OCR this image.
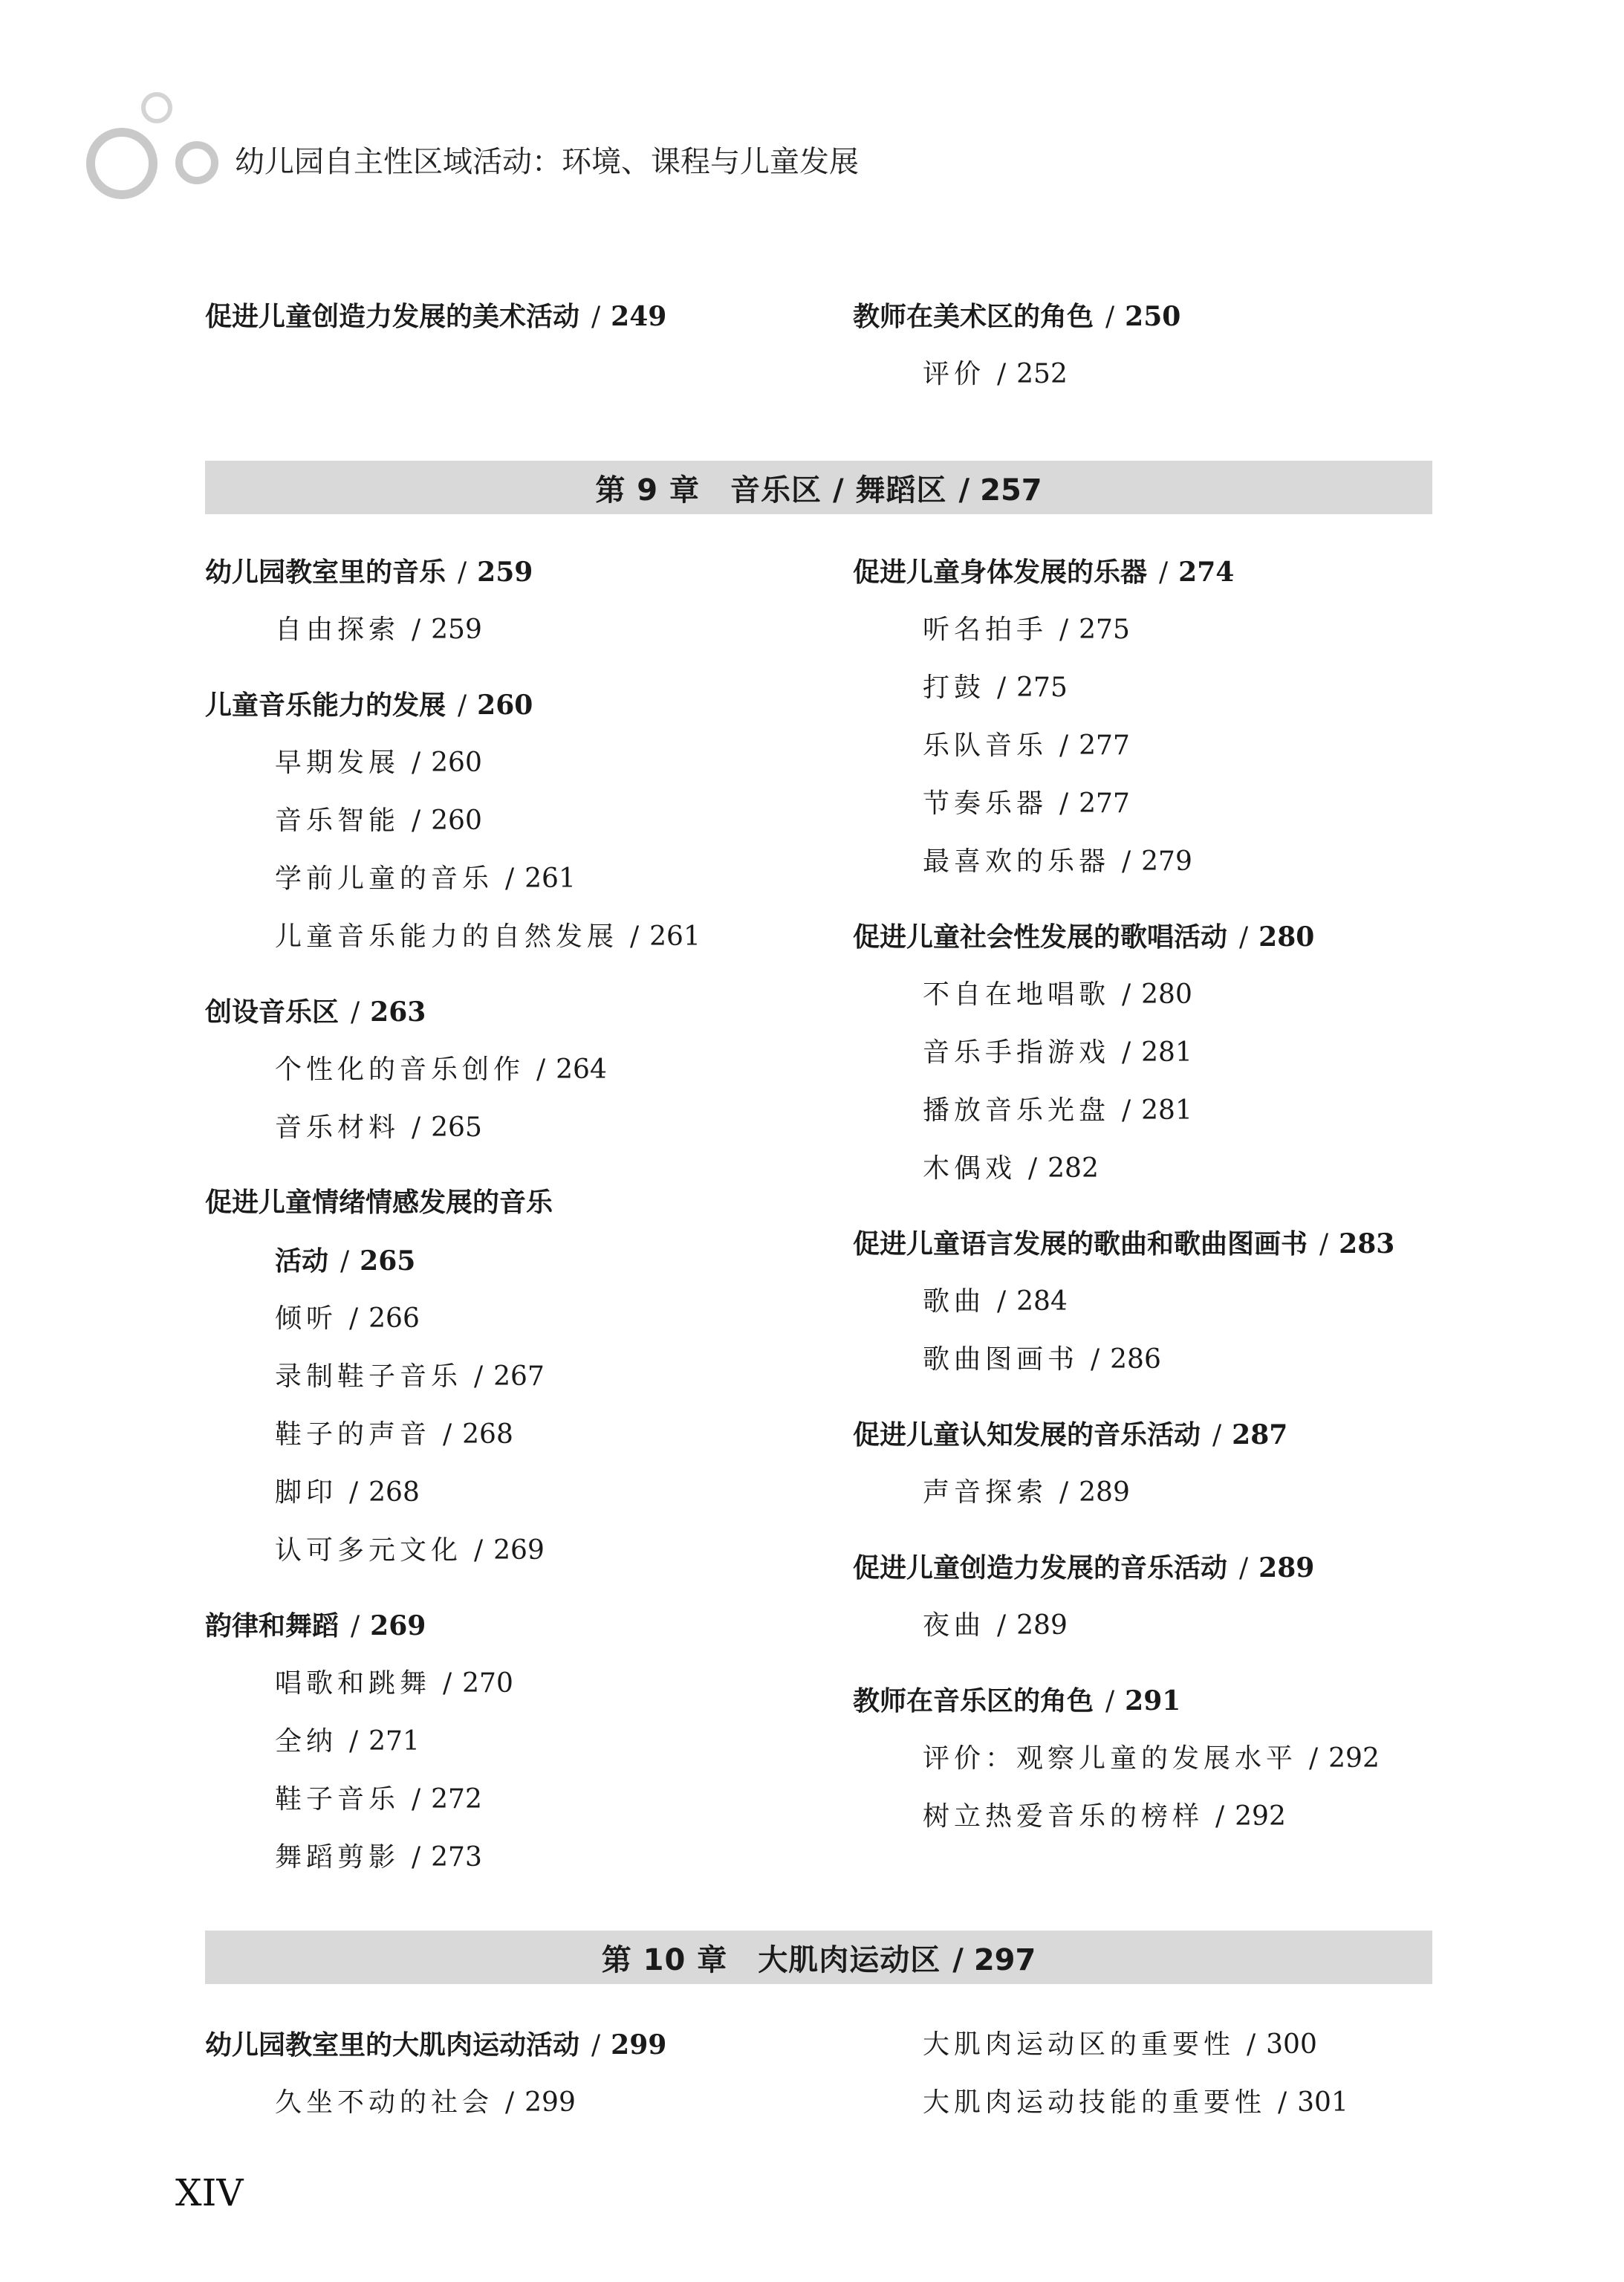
幼儿园自主性区域活动：环境、课程与儿童发展
促进儿童创造力发展的美术活动 / 249	教师在美术区的角色 / 250
评价 / 252
第 9 章　音乐区 / 舞蹈区 / 257
幼儿园教室里的音乐 / 259
自由探索 / 259
儿童音乐能力的发展 / 260
早期发展 / 260
音乐智能 / 260
学前儿童的音乐 / 261
儿童音乐能力的自然发展 / 261
创设音乐区 / 263
个性化的音乐创作 / 264
音乐材料 / 265
促进儿童情绪情感发展的音乐
活动 / 265
倾听 / 266
录制鞋子音乐 / 267
鞋子的声音 / 268
脚印 / 268
认可多元文化 / 269
韵律和舞蹈 / 269
唱歌和跳舞 / 270
全纳 / 271
鞋子音乐 / 272
舞蹈剪影 / 273
促进儿童身体发展的乐器 / 274
听名拍手 / 275
打鼓 / 275
乐队音乐 / 277
节奏乐器 / 277
最喜欢的乐器 / 279
促进儿童社会性发展的歌唱活动 / 280
不自在地唱歌 / 280
音乐手指游戏 / 281
播放音乐光盘 / 281
木偶戏 / 282
促进儿童语言发展的歌曲和歌曲图画书 / 283
歌曲 / 284
歌曲图画书 / 286
促进儿童认知发展的音乐活动 / 287
声音探索 / 289
促进儿童创造力发展的音乐活动 / 289
夜曲 / 289
教师在音乐区的角色 / 291
评价：观察儿童的发展水平 / 292
树立热爱音乐的榜样 / 292
第 10 章　大肌肉运动区 / 297
幼儿园教室里的大肌肉运动活动 / 299
久坐不动的社会 / 299
大肌肉运动区的重要性 / 300
大肌肉运动技能的重要性 / 301
XIV
